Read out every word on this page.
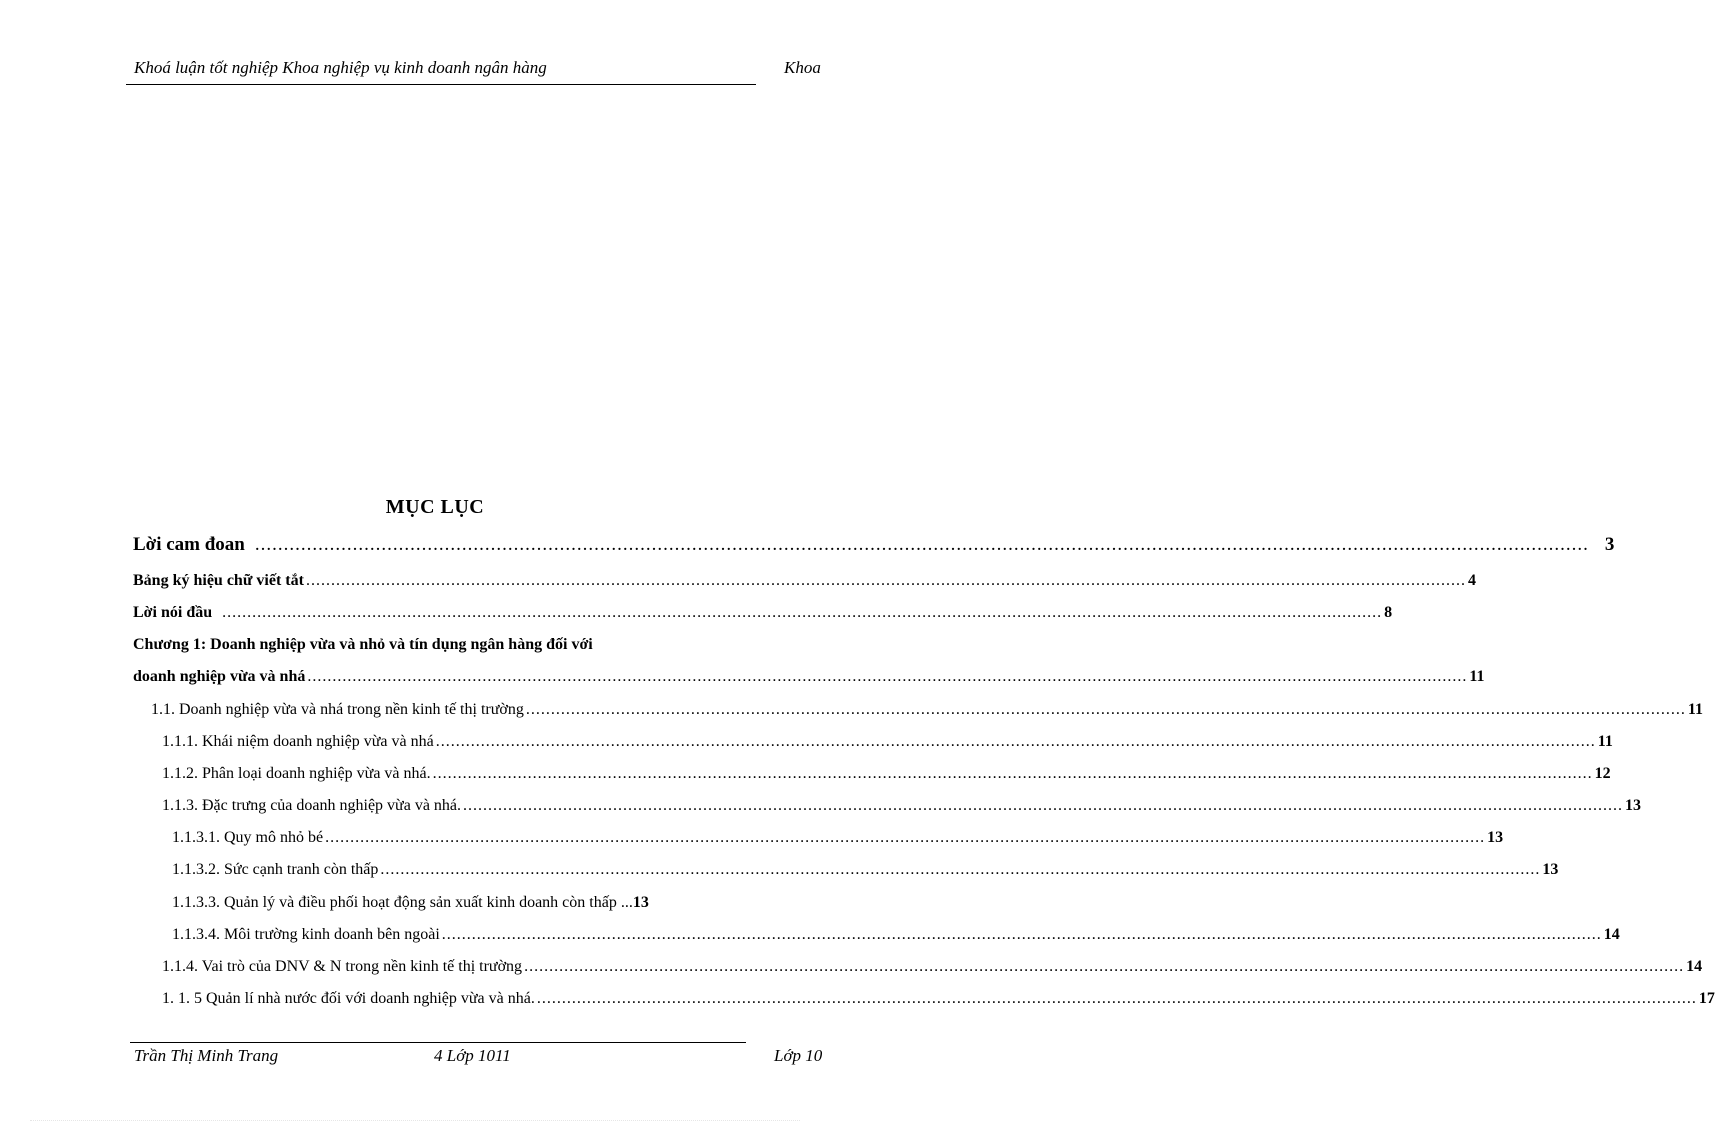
Khoá luận tốt nghiệp Khoa nghiệp vụ kinh doanh ngân hàng	Khoa
MỤC LỤC
Lời cam đoan .....	3
Bảng ký hiệu chữ viết tắt .....	4
Lời nói đầu .....	8
Chương 1: Doanh nghiệp vừa và nhỏ và tín dụng ngân hàng đối với
doanh nghiệp vừa và nhá .....	11
1.1. Doanh nghiệp vừa và nhá trong nền kinh tế thị trường .....	11
1.1.1. Khái niệm doanh nghiệp vừa và nhá .....	11
1.1.2. Phân loại doanh nghiệp vừa và nhá. .....	12
1.1.3. Đặc trưng của doanh nghiệp vừa và nhá. .....	13
1.1.3.1. Quy mô nhỏ bé .....	13
1.1.3.2. Sức cạnh tranh còn thấp .....	13
1.1.3.3. Quản lý và điều phối hoạt động sản xuất kinh doanh còn thấp ... 13
1.1.3.4. Môi trường kinh doanh bên ngoài .....	14
1.1.4. Vai trò của DNV & N trong nền kinh tế thị trường .....	14
1. 1. 5 Quản lí nhà nước đối với doanh nghiệp vừa và nhá. .....	17
Trần Thị Minh Trang	4 Lớp 1011	Lớp 10
